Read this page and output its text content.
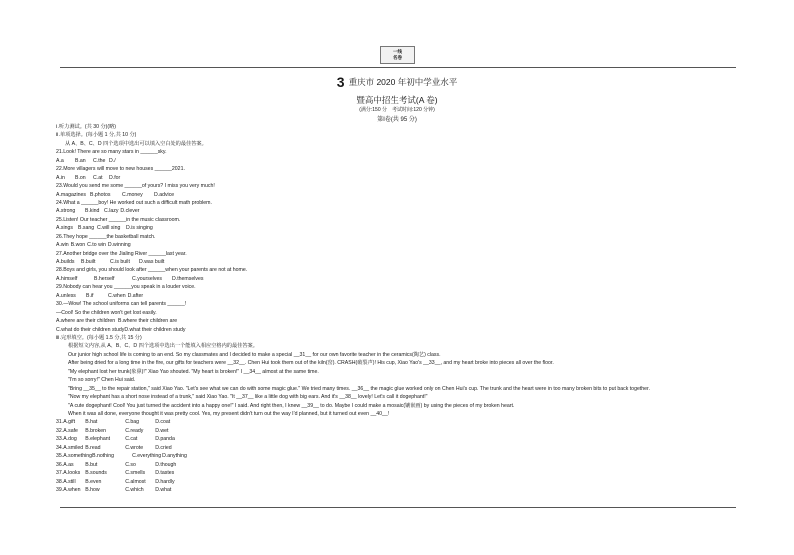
一线
名卷
3 重庆市 2020 年初中学业水平
暨高中招生考试(A 卷)
(满分:150 分　考试时间:120 分钟)
第Ⅰ卷(共 95 分)
Ⅰ.听力测试。(共 30 分)(略)
Ⅱ.单项选择。(每小题 1 分,共 10 分)
从 A、B、C、D 四个选项中选出可以填入空白处的最佳答案。
21.Look! There are so many stars in ______sky.
A.a B.an C.the D./
22.More villagers will move to new houses ______2021.
A.in B.on C.at D.for
23.Would you send me some ______of yours? I miss you very much!
A.magazines B.photos C.money D.advice
24.What a ______boy! He worked out such a difficult math problem.
A.strong B.kind C.lazy D.clever
25.Listen! Our teacher ______in the music classroom.
A.sings B.sang C.will sing D.is singing
26.They hope ______the basketball match.
A.win B.won C.to win D.winning
27.Another bridge over the Jialing River ______last year.
A.builds B.built	C.is built D.was built
28.Boys and girls, you should look after ______when your parents are not at home.
A.himself	B.herself	C.yourselves D.themselves
29.Nobody can hear you ______you speak in a louder voice.
A.unless B.if	C.when D.after
30.—Wow! The school uniforms can tell parents ______!
—Cool! So the children won't get lost easily.
A.where are their children B.where their children are
C.what do their children studyD.what their children study
Ⅲ.完形填空。(每小题 1.5 分,共 15 分)
根据短文内容,从 A、B、C、D 四个选项中选出一个能填入相应空格内的最佳答案。
Our junior high school life is coming to an end. So my classmates and I decided to make a special __31__ for our own favorite teacher in the ceramics(陶艺) class.
After being dried for a long time in the fire, our gifts for teachers were __32__. Chen Hui took them out of the kiln(窑). CRASH(破裂声)! His cup, Xiao Yao's __33__, and my heart broke into pieces all over the floor.
"My elephant lost her trunk(象鼻)!" Xiao Yao shouted. "My heart is broken!" I __34__ almost at the same time.
"I'm so sorry!" Chen Hui said.
"Bring __35__ to the repair station," said Xiao Yao. "Let's see what we can do with some magic glue." We tried many times. __36__ the magic glue worked only on Chen Hui's cup. The trunk and the heart were in too many broken bits to put back together.
"Now my elephant has a short nose instead of a trunk," said Xiao Yao. "It __37__ like a little dog with big ears. And it's __38__ lovely! Let's call it dogephant!"
"A cute dogephant! Cool! You just turned the accident into a happy one!" I said. And right then, I knew __39__ to do. Maybe I could make a mosaic(镶嵌画) by using the pieces of my broken heart.
When it was all done, everyone thought it was pretty cool. Yes, my present didn't turn out the way I'd planned, but it turned out even __40__!
31.A.gift B.hat	C.bag	D.coat
32.A.safe B.broken	C.ready D.wet
33.A.dog B.elephant	C.cat	D.panda
34.A.smiled B.read	C.wrote D.cried
35.A.somethingB.nothing	C.everythingD.anything
36.A.as B.but	C.so	D.though
37.A.looks B.sounds	C.smells D.tastes
38.A.still B.even	C.almost D.hardly
39.A.when B.how	C.which D.what
